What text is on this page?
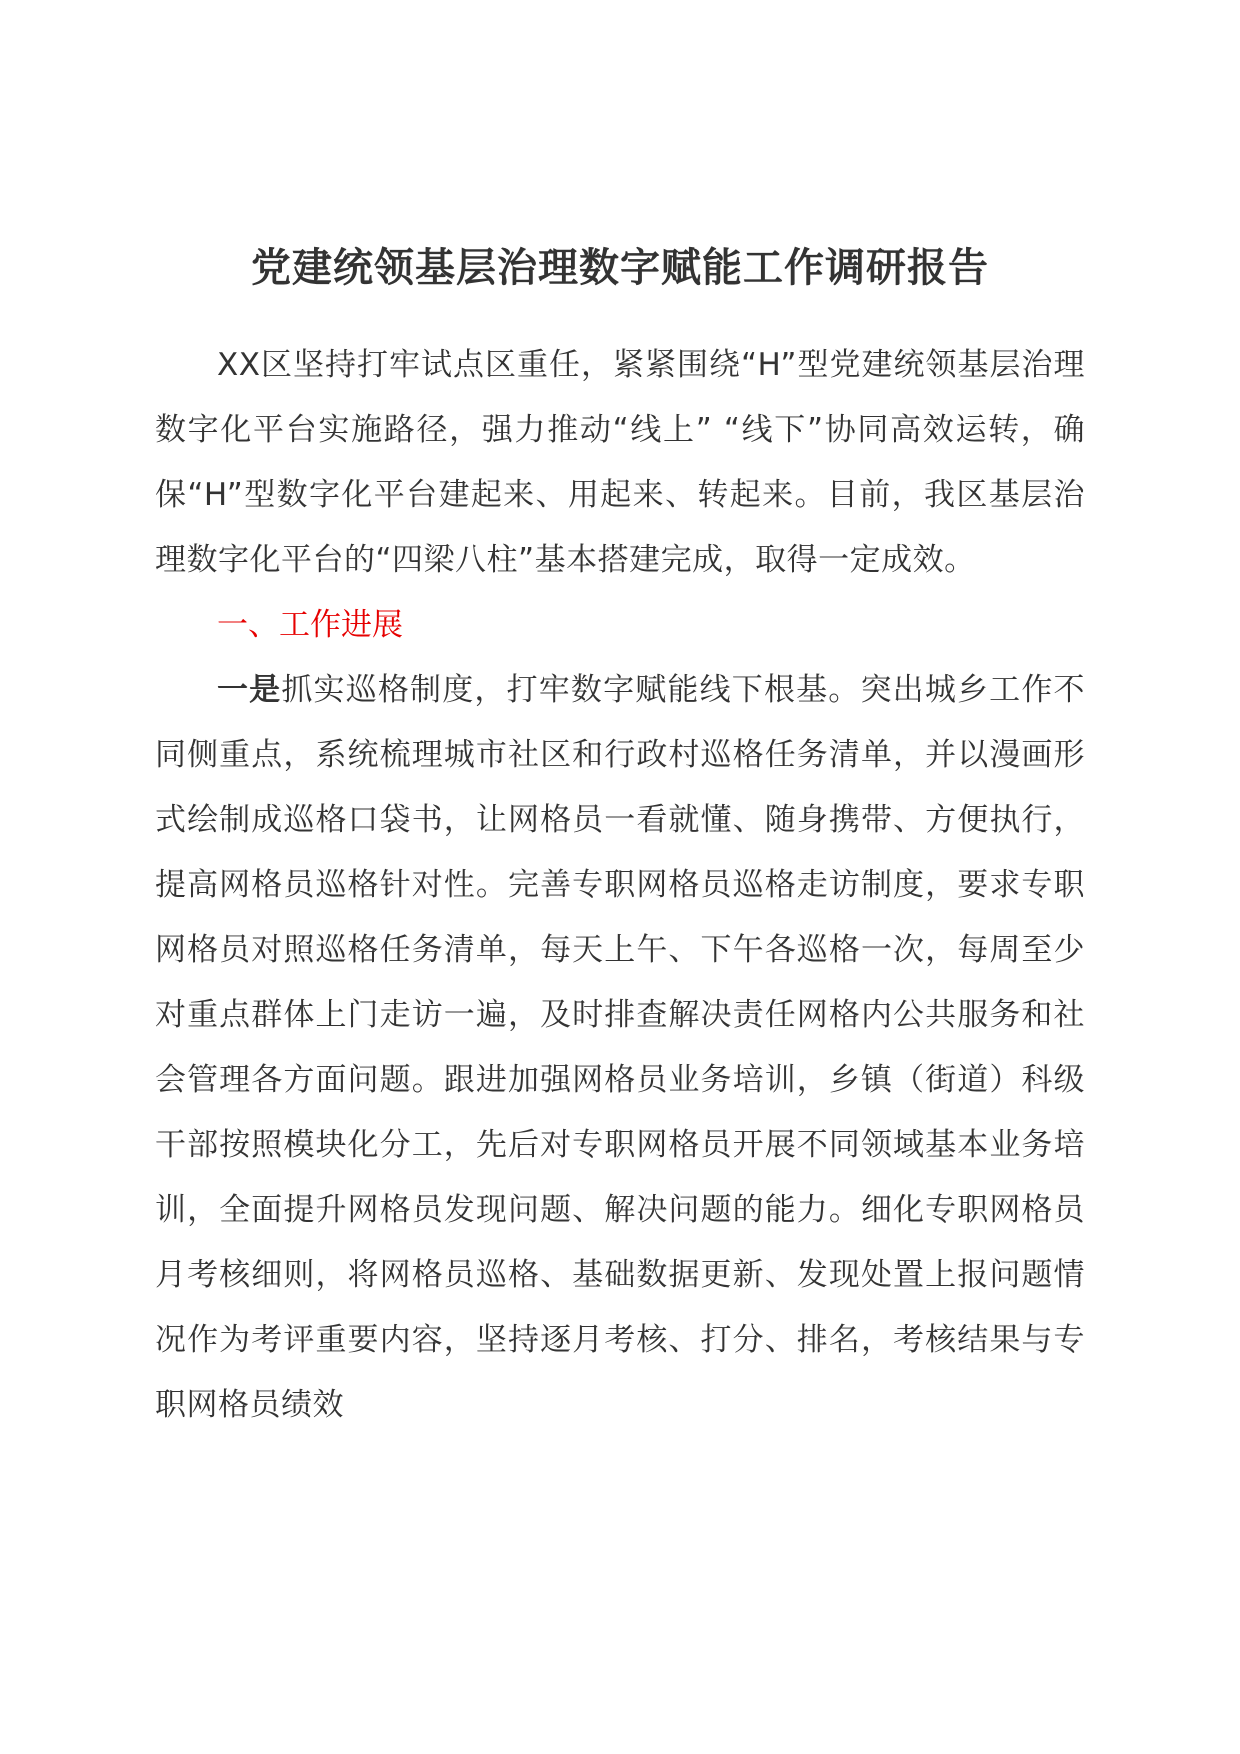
党建统领基层治理数字赋能工作调研报告

XX区坚持打牢试点区重任，紧紧围绕“H”型党建统领基层治理数字化平台实施路径，强力推动“线上” “线下”协同高效运转，确保“H”型数字化平台建起来、用起来、转起来。目前，我区基层治理数字化平台的“四梁八柱”基本搭建完成，取得一定成效。

一、工作进展

一是抓实巡格制度，打牢数字赋能线下根基。突出城乡工作不同侧重点，系统梳理城市社区和行政村巡格任务清单，并以漫画形式绘制成巡格口袋书，让网格员一看就懂、随身携带、方便执行，提高网格员巡格针对性。完善专职网格员巡格走访制度，要求专职网格员对照巡格任务清单，每天上午、下午各巡格一次，每周至少对重点群体上门走访一遍，及时排查解决责任网格内公共服务和社会管理各方面问题。跟进加强网格员业务培训，乡镇（街道）科级干部按照模块化分工，先后对专职网格员开展不同领域基本业务培训，全面提升网格员发现问题、解决问题的能力。细化专职网格员月考核细则，将网格员巡格、基础数据更新、发现处置上报问题情况作为考评重要内容，坚持逐月考核、打分、排名，考核结果与专职网格员绩效
